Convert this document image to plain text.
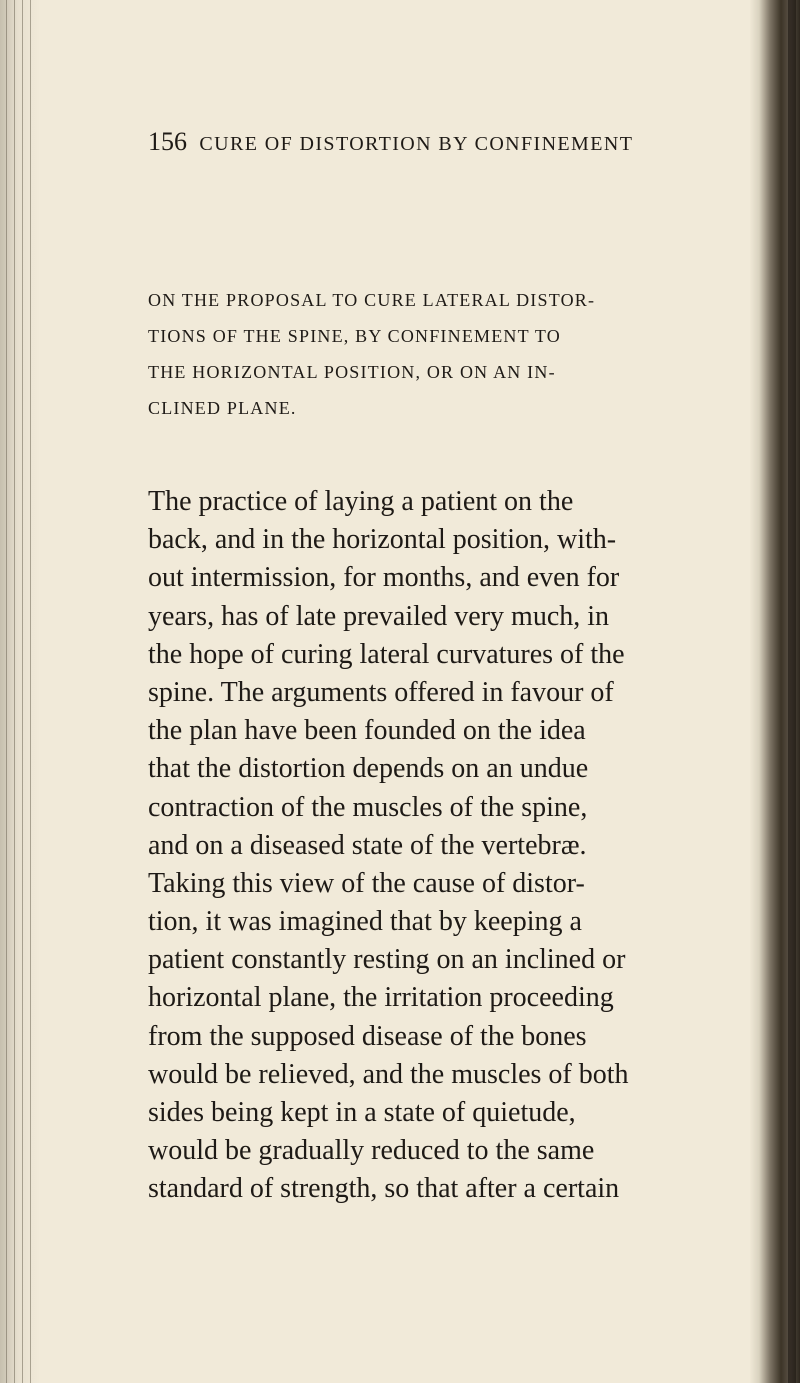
156 CURE OF DISTORTION BY CONFINEMENT
ON THE PROPOSAL TO CURE LATERAL DISTOR-
TIONS OF THE SPINE, BY CONFINEMENT TO
THE HORIZONTAL POSITION, OR ON AN IN-
CLINED PLANE.
The practice of laying a patient on the
back, and in the horizontal position, with-
out intermission, for months, and even for
years, has of late prevailed very much, in
the hope of curing lateral curvatures of the
spine. The arguments offered in favour of
the plan have been founded on the idea
that the distortion depends on an undue
contraction of the muscles of the spine,
and on a diseased state of the vertebræ.
Taking this view of the cause of distor-
tion, it was imagined that by keeping a
patient constantly resting on an inclined or
horizontal plane, the irritation proceeding
from the supposed disease of the bones
would be relieved, and the muscles of both
sides being kept in a state of quietude,
would be gradually reduced to the same
standard of strength, so that after a certain
